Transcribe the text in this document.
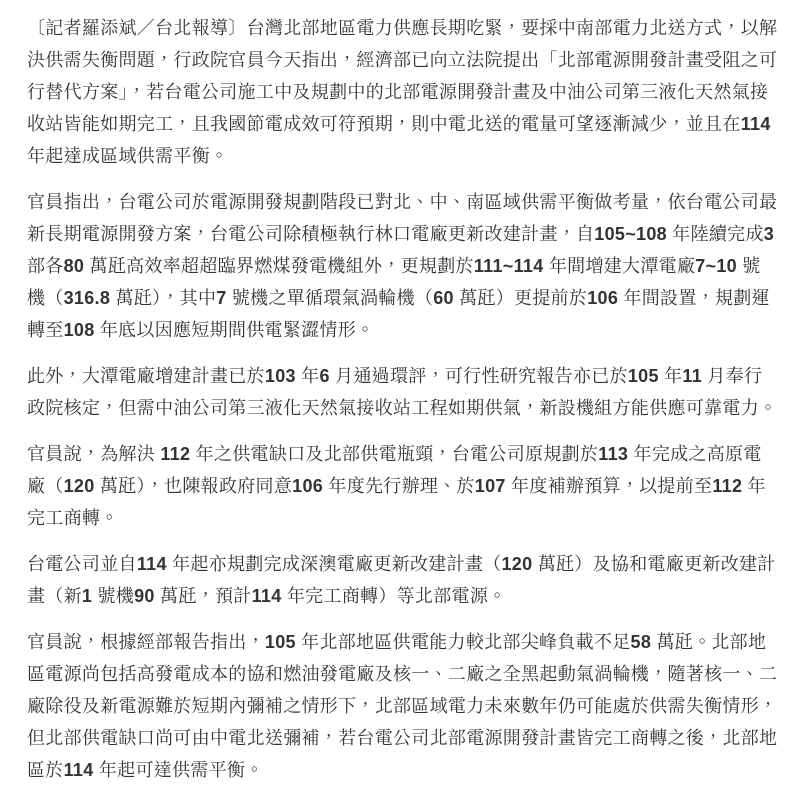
〔記者羅添斌／台北報導〕台灣北部地區電力供應長期吃緊，要採中南部電力北送方式，以解決供需失衡問題，行政院官員今天指出，經濟部已向立法院提出「北部電源開發計畫受阻之可行替代方案」，若台電公司施工中及規劃中的北部電源開發計畫及中油公司第三液化天然氣接收站皆能如期完工，且我國節電成效可符預期，則中電北送的電量可望逐漸減少，並且在114 年起達成區域供需平衡。

官員指出，台電公司於電源開發規劃階段已對北、中、南區域供需平衡做考量，依台電公司最新長期電源開發方案，台電公司除積極執行林口電廠更新改建計畫，自105~108 年陸續完成3部各80 萬瓩高效率超超臨界燃煤發電機組外，更規劃於111~114 年間增建大潭電廠7~10 號機（316.8 萬瓩），其中7 號機之單循環氣渦輪機（60 萬瓩）更提前於106 年間設置，規劃運轉至108 年底以因應短期間供電緊澀情形。

此外，大潭電廠增建計畫已於103 年6 月通過環評，可行性研究報告亦已於105 年11 月奉行政院核定，但需中油公司第三液化天然氣接收站工程如期供氣，新設機組方能供應可靠電力。

官員說，為解決 112 年之供電缺口及北部供電瓶頸，台電公司原規劃於113 年完成之高原電廠（120 萬瓩），也陳報政府同意106 年度先行辦理、於107 年度補辦預算，以提前至112 年完工商轉。

台電公司並自114 年起亦規劃完成深澳電廠更新改建計畫（120 萬瓩）及協和電廠更新改建計畫（新1 號機90 萬瓩，預計114 年完工商轉）等北部電源。

官員說，根據經部報告指出，105 年北部地區供電能力較北部尖峰負載不足58 萬瓩。北部地區電源尚包括高發電成本的協和燃油發電廠及核一、二廠之全黑起動氣渦輪機，隨著核一、二廠除役及新電源難於短期內彌補之情形下，北部區域電力未來數年仍可能處於供需失衡情形，但北部供電缺口尚可由中電北送彌補，若台電公司北部電源開發計畫皆完工商轉之後，北部地區於114 年起可達供需平衡。
